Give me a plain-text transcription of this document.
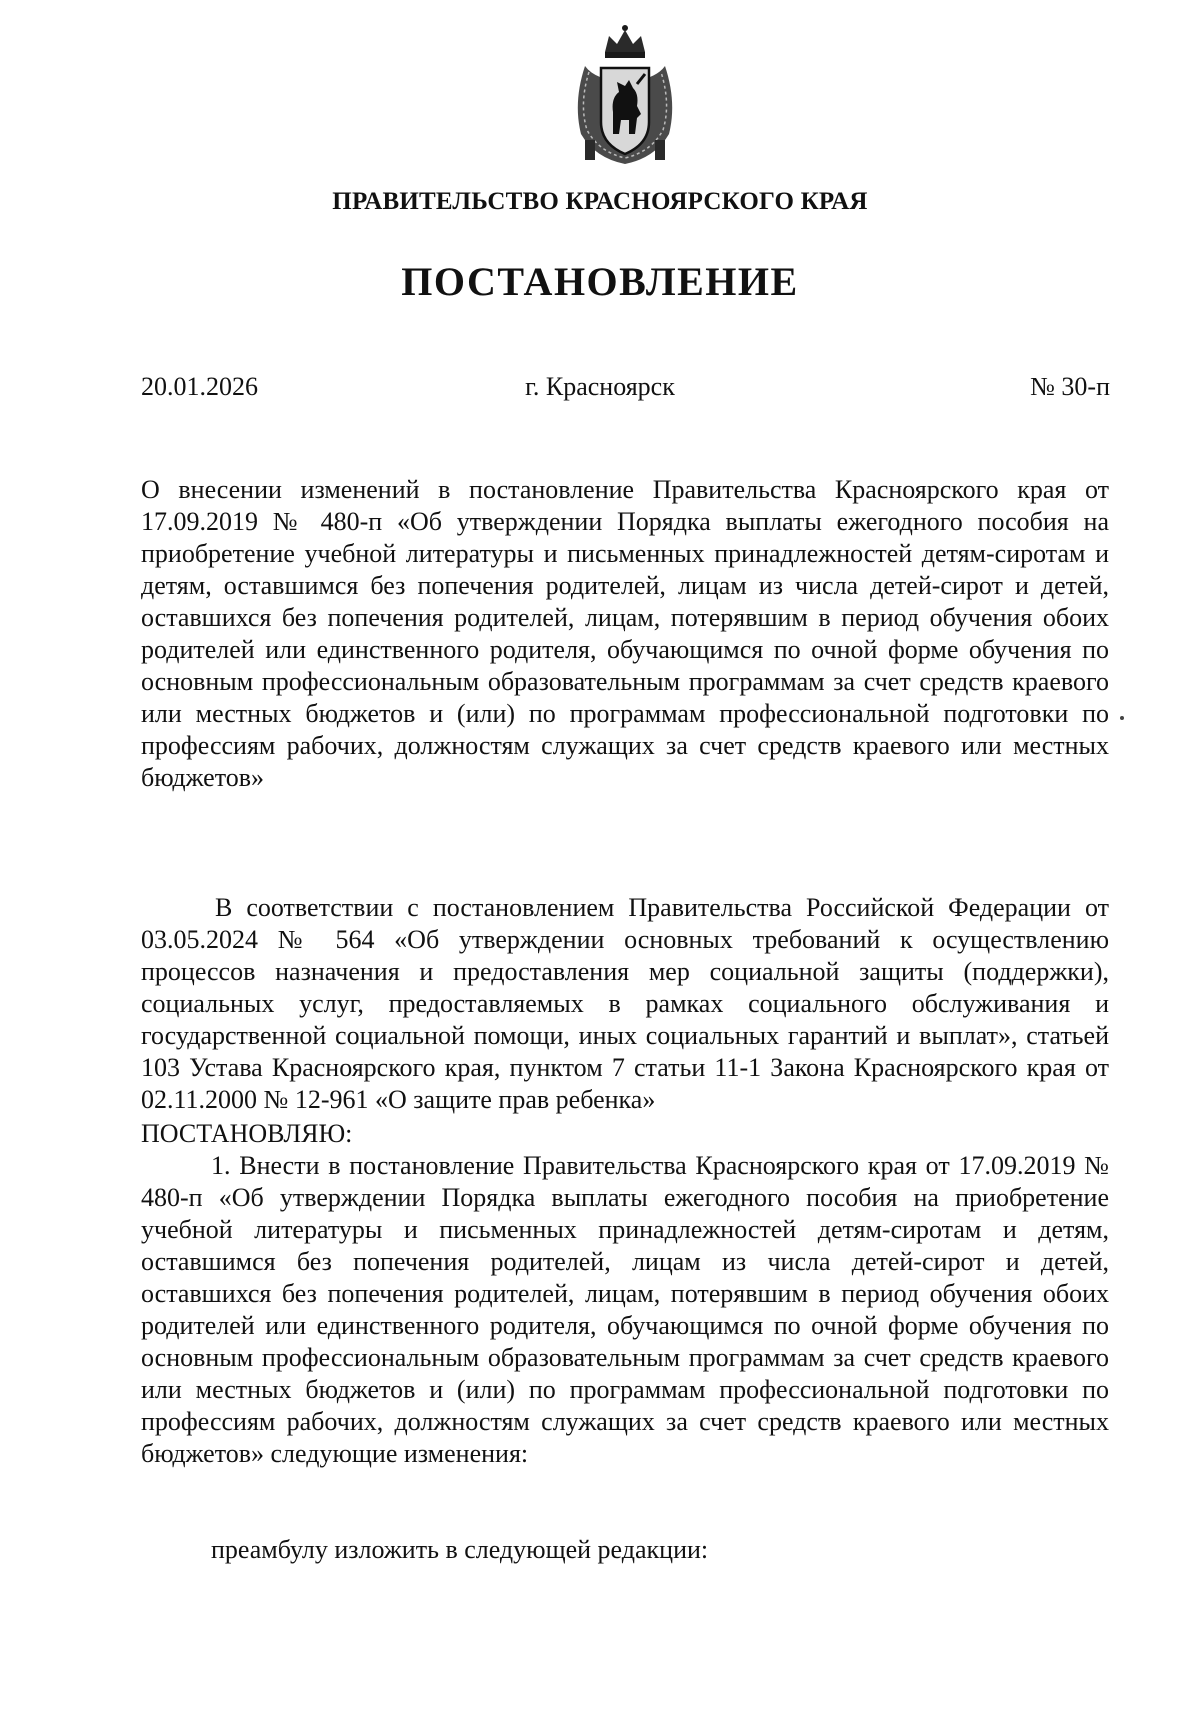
ПРАВИТЕЛЬСТВО КРАСНОЯРСКОГО КРАЯ
ПОСТАНОВЛЕНИЕ
20.01.2026	г. Красноярск	№ 30-п
О внесении изменений в постановление Правительства Красноярского края от 17.09.2019 № 480-п «Об утверждении Порядка выплаты ежегодного пособия на приобретение учебной литературы и письменных принадлежностей детям-сиротам и детям, оставшимся без попечения родителей, лицам из числа детей-сирот и детей, оставшихся без попечения родителей, лицам, потерявшим в период обучения обоих родителей или единственного родителя, обучающимся по очной форме обучения по основным профессиональным образовательным программам за счет средств краевого или местных бюджетов и (или) по программам профессиональной подготовки по профессиям рабочих, должностям служащих за счет средств краевого или местных бюджетов»
В соответствии с постановлением Правительства Российской Федерации от 03.05.2024 № 564 «Об утверждении основных требований к осуществлению процессов назначения и предоставления мер социальной защиты (поддержки), социальных услуг, предоставляемых в рамках социального обслуживания и государственной социальной помощи, иных социальных гарантий и выплат», статьей 103 Устава Красноярского края, пунктом 7 статьи 11-1 Закона Красноярского края от 02.11.2000 № 12-961 «О защите прав ребенка»
ПОСТАНОВЛЯЮ:
1. Внести в постановление Правительства Красноярского края от 17.09.2019 № 480-п «Об утверждении Порядка выплаты ежегодного пособия на приобретение учебной литературы и письменных принадлежностей детям-сиротам и детям, оставшимся без попечения родителей, лицам из числа детей-сирот и детей, оставшихся без попечения родителей, лицам, потерявшим в период обучения обоих родителей или единственного родителя, обучающимся по очной форме обучения по основным профессиональным образовательным программам за счет средств краевого или местных бюджетов и (или) по программам профессиональной подготовки по профессиям рабочих, должностям служащих за счет средств краевого или местных бюджетов» следующие изменения:
преамбулу изложить в следующей редакции:
